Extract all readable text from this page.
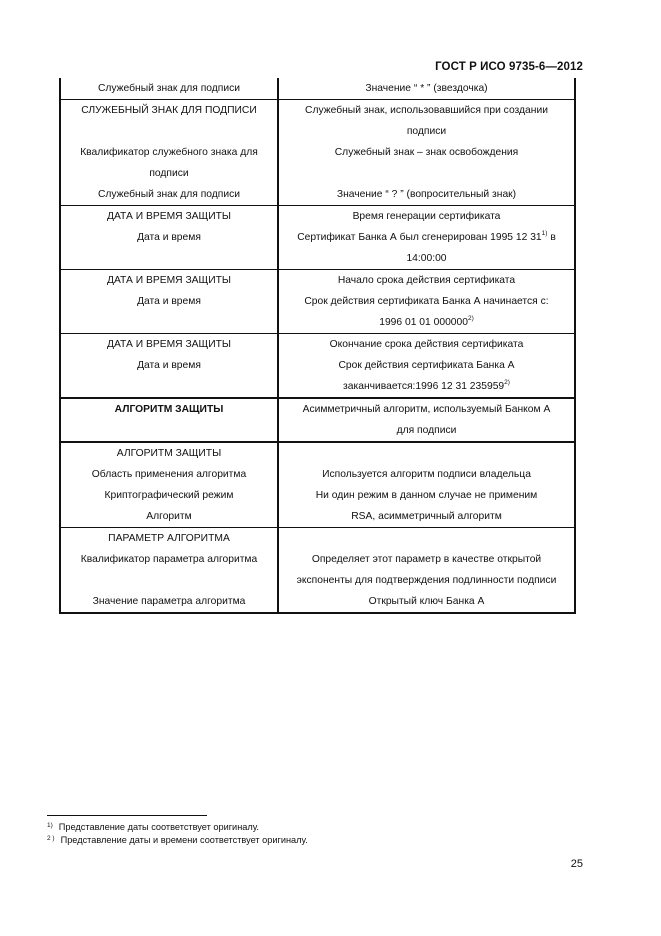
ГОСТ Р ИСО 9735-6—2012
Служебный знак для подписи	Значение “ * ” (звездочка)
СЛУЖЕБНЫЙ ЗНАК ДЛЯ ПОДПИСИ

Квалификатор служебного знака для
подписи
Служебный знак для подписи
Служебный знак, использовавшийся при создании
подписи
Служебный знак – знак освобождения

Значение “ ? ” (вопросительный знак)
ДАТА И ВРЕМЯ ЗАЩИТЫ
Дата и время
Время генерации сертификата
Сертификат Банка А был сгенерирован 1995 12 31$^{1)}$ в
14:00:00
ДАТА И ВРЕМЯ ЗАЩИТЫ
Дата и время
Начало срока действия сертификата
Срок действия сертификата Банка А начинается с:
1996 01 01 000000$^{2)}$
ДАТА И ВРЕМЯ ЗАЩИТЫ
Дата и время
Окончание срока действия сертификата
Срок действия сертификата Банка А
заканчивается:1996 12 31 235959$^{2)}$
АЛГОРИТМ ЗАЩИТЫ	Асимметричный алгоритм, используемый Банком А
для подписи
АЛГОРИТМ ЗАЩИТЫ
Область применения алгоритма
Криптографический режим
Алгоритм

Используется алгоритм подписи владельца
Ни один режим в данном случае не применим
RSA, асимметричный алгоритм
ПАРАМЕТР АЛГОРИТМА
Квалификатор параметра алгоритма

Значение параметра алгоритма

Определяет этот параметр в качестве открытой
экспоненты для подтверждения подлинности подписи
Открытый ключ Банка А
$^{1)}$ Представление даты соответствует оригиналу.
$^{2 )}$ Представление даты и времени соответствует оригиналу.
25
